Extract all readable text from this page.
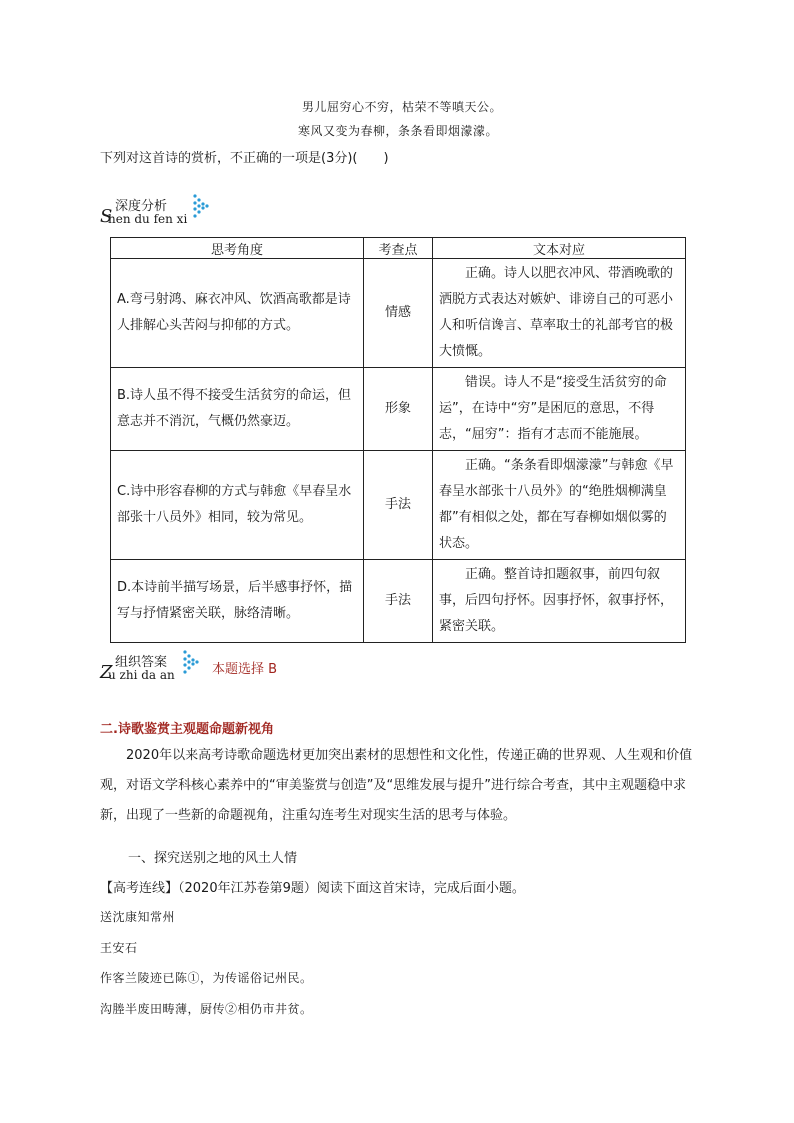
男儿屈穷心不穷，枯荣不等嗔天公。
寒风又变为春柳，条条看即烟濛濛。
下列对这首诗的赏析，不正确的一项是(3分)(　　)
S 深度分析
hen du fen xi
思考角度	考查点	文本对应
A.弯弓射鸿、麻衣冲风、饮酒高歌都是诗人排解心头苦闷与抑郁的方式。	情感	正确。诗人以肥衣冲风、带酒晚歌的洒脱方式表达对嫉妒、诽谤自己的可恶小人和听信谗言、草率取士的礼部考官的极大愤慨。
B.诗人虽不得不接受生活贫穷的命运，但意志并不消沉，气概仍然豪迈。	形象	错误。诗人不是“接受生活贫穷的命运”，在诗中“穷”是困厄的意思，不得志，“屈穷”：指有才志而不能施展。
C.诗中形容春柳的方式与韩愈《早春呈水部张十八员外》相同，较为常见。	手法	正确。“条条看即烟濛濛”与韩愈《早春呈水部张十八员外》的“绝胜烟柳满皇都”有相似之处，都在写春柳如烟似雾的状态。
D.本诗前半描写场景，后半感事抒怀，描写与抒情紧密关联，脉络清晰。	手法	正确。整首诗扣题叙事，前四句叙事，后四句抒怀。因事抒怀，叙事抒怀，紧密关联。
Z 组织答案
u zhi da an	本题选择 B
二.诗歌鉴赏主观题命题新视角
2020年以来高考诗歌命题选材更加突出素材的思想性和文化性，传递正确的世界观、人生观和价值观，对语文学科核心素养中的“审美鉴赏与创造”及“思维发展与提升”进行综合考查，其中主观题稳中求新，出现了一些新的命题视角，注重勾连考生对现实生活的思考与体验。
一、探究送别之地的风土人情
【高考连线】（2020年江苏卷第9题）阅读下面这首宋诗，完成后面小题。
送沈康知常州
王安石
作客兰陵迹已陈①，为传谣俗记州民。
沟塍半废田畴薄，厨传②相仍市井贫。
